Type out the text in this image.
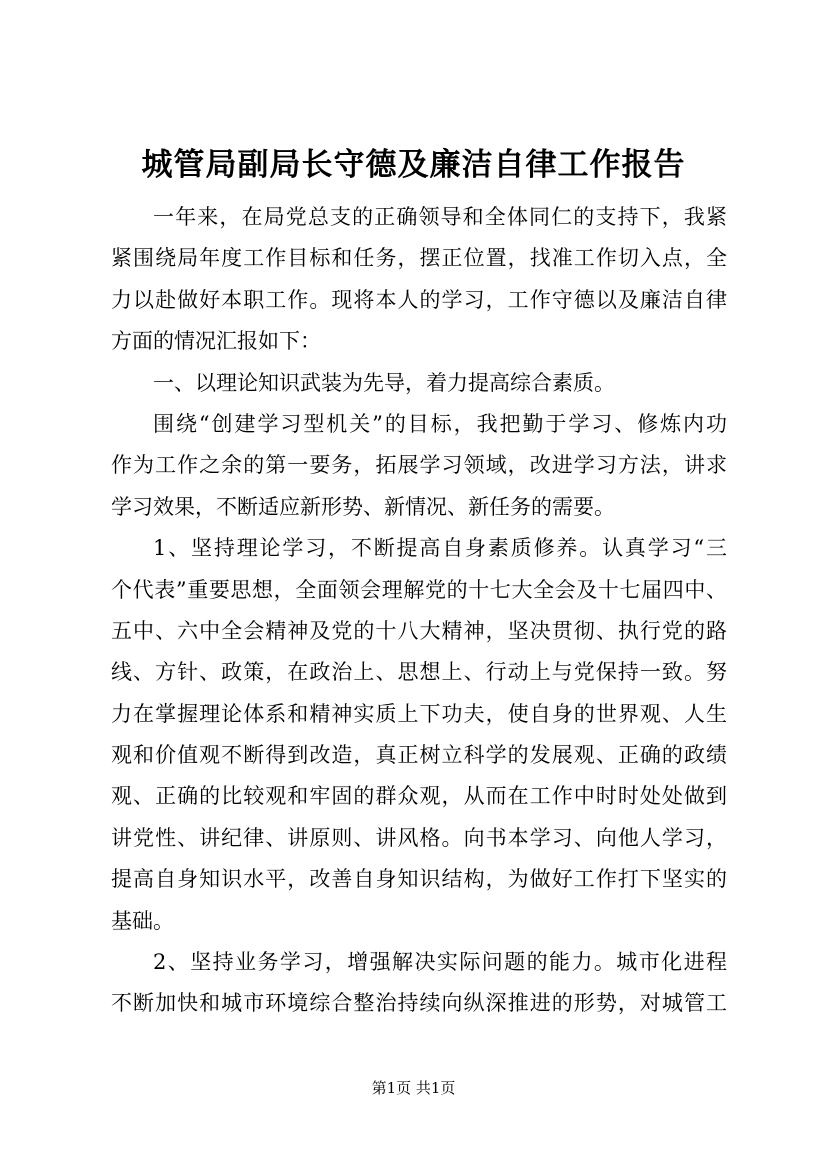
城管局副局长守德及廉洁自律工作报告
一年来，在局党总支的正确领导和全体同仁的支持下，我紧
紧围绕局年度工作目标和任务，摆正位置，找准工作切入点，全
力以赴做好本职工作。现将本人的学习，工作守德以及廉洁自律
方面的情况汇报如下：
一、以理论知识武装为先导，着力提高综合素质。
围绕“创建学习型机关”的目标，我把勤于学习、修炼内功
作为工作之余的第一要务，拓展学习领域，改进学习方法，讲求
学习效果，不断适应新形势、新情况、新任务的需要。
1、坚持理论学习，不断提高自身素质修养。认真学习“三
个代表”重要思想，全面领会理解党的十七大全会及十七届四中、
五中、六中全会精神及党的十八大精神，坚决贯彻、执行党的路
线、方针、政策，在政治上、思想上、行动上与党保持一致。努
力在掌握理论体系和精神实质上下功夫，使自身的世界观、人生
观和价值观不断得到改造，真正树立科学的发展观、正确的政绩
观、正确的比较观和牢固的群众观，从而在工作中时时处处做到
讲党性、讲纪律、讲原则、讲风格。向书本学习、向他人学习，
提高自身知识水平，改善自身知识结构，为做好工作打下坚实的
基础。
2、坚持业务学习，增强解决实际问题的能力。城市化进程
不断加快和城市环境综合整治持续向纵深推进的形势，对城管工
第1页 共1页
